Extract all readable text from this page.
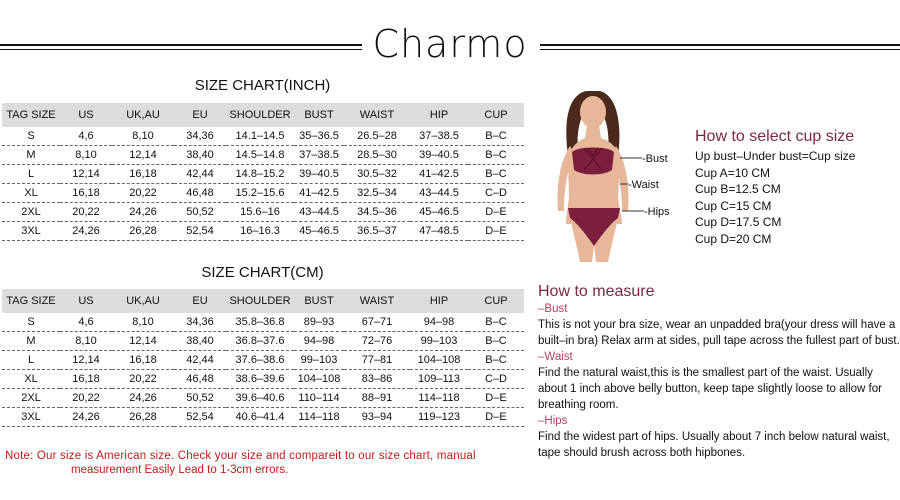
Charmo
SIZE CHART(INCH)
TAG SIZE	US	UK,AU	EU	SHOULDER	BUST	WAIST	HIP	CUP
S	4,6	8,10	34,36	14.1–14.5	35–36.5	26.5–28	37–38.5	B–C
M	8,10	12,14	38,40	14.5–14.8	37–38.5	28.5–30	39–40.5	B–C
L	12,14	16,18	42,44	14.8–15.2	39–40.5	30.5–32	41–42.5	B–C
XL	16,18	20,22	46,48	15.2–15.6	41–42.5	32.5–34	43–44.5	C–D
2XL	20,22	24,26	50,52	15.6–16	43–44.5	34.5–36	45–46.5	D–E
3XL	24,26	26,28	52,54	16–16.3	45–46.5	36.5–37	47–48.5	D–E
SIZE CHART(CM)
TAG SIZE	US	UK,AU	EU	SHOULDER	BUST	WAIST	HIP	CUP
S	4,6	8,10	34,36	35.8–36.8	89–93	67–71	94–98	B–C
M	8,10	12,14	38,40	36.8–37.6	94–98	72–76	99–103	B–C
L	12,14	16,18	42,44	37.6–38.6	99–103	77–81	104–108	B–C
XL	16,18	20,22	46,48	38.6–39.6	104–108	83–86	109–113	C–D
2XL	20,22	24,26	50,52	39.6–40.6	110–114	88–91	114–118	D–E
3XL	24,26	26,28	52,54	40.6–41.4	114–118	93–94	119–123	D–E
-Bust
-Waist
-Hips
How to select cup size
Up bust–Under bust=Cup size
Cup A=10 CM
Cup B=12.5 CM
Cup C=15 CM
Cup D=17.5 CM
Cup D=20 CM
How to measure
–Bust
This is not your bra size, wear an unpadded bra(your dress will have a built–in bra) Relax arm at sides, pull tape across the fullest part of bust.
–Waist
Find the natural waist,this is the smallest part of the waist. Usually about 1 inch above belly button, keep tape slightly loose to allow for breathing room.
–Hips
Find the widest part of hips. Usually about 7 inch below natural waist, tape should brush across both hipbones.
Note: Our size is American size. Check your size and compareit to our size chart, manual
measurement Easily Lead to 1-3cm errors.
